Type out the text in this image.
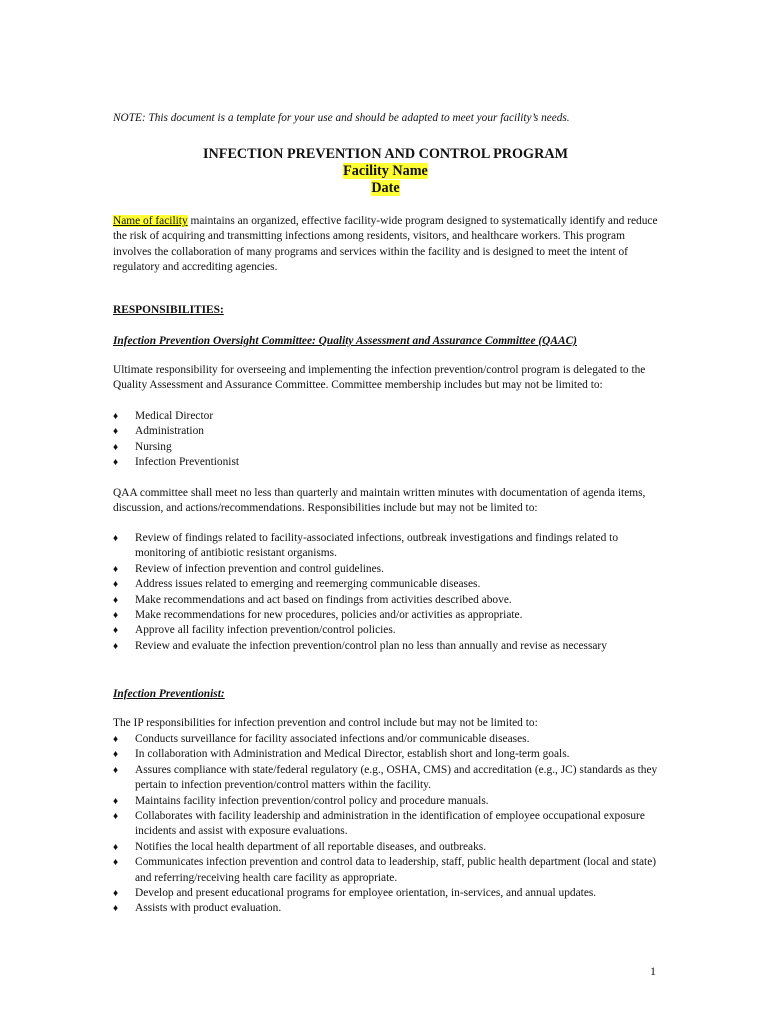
NOTE: This document is a template for your use and should be adapted to meet your facility’s needs.
INFECTION PREVENTION AND CONTROL PROGRAM
Facility Name
Date

Name of facility maintains an organized, effective facility-wide program designed to systematically identify and reduce the risk of acquiring and transmitting infections among residents, visitors, and healthcare workers. This program involves the collaboration of many programs and services within the facility and is designed to meet the intent of regulatory and accrediting agencies.

RESPONSIBILITIES:
Infection Prevention Oversight Committee: Quality Assessment and Assurance Committee (QAAC)

Ultimate responsibility for overseeing and implementing the infection prevention/control program is delegated to the Quality Assessment and Assurance Committee. Committee membership includes but may not be limited to:

♦ Medical Director
♦ Administration
♦ Nursing
♦ Infection Preventionist

QAA committee shall meet no less than quarterly and maintain written minutes with documentation of agenda items, discussion, and actions/recommendations. Responsibilities include but may not be limited to:

♦ Review of findings related to facility-associated infections, outbreak investigations and findings related to monitoring of antibiotic resistant organisms.
♦ Review of infection prevention and control guidelines.
♦ Address issues related to emerging and reemerging communicable diseases.
♦ Make recommendations and act based on findings from activities described above.
♦ Make recommendations for new procedures, policies and/or activities as appropriate.
♦ Approve all facility infection prevention/control policies.
♦ Review and evaluate the infection prevention/control plan no less than annually and revise as necessary
Infection Preventionist:

The IP responsibilities for infection prevention and control include but may not be limited to:

♦ Conducts surveillance for facility associated infections and/or communicable diseases.
♦ In collaboration with Administration and Medical Director, establish short and long-term goals.
♦ Assures compliance with state/federal regulatory (e.g., OSHA, CMS) and accreditation (e.g., JC) standards as they pertain to infection prevention/control matters within the facility.
♦ Maintains facility infection prevention/control policy and procedure manuals.
♦ Collaborates with facility leadership and administration in the identification of employee occupational exposure incidents and assist with exposure evaluations.
♦ Notifies the local health department of all reportable diseases, and outbreaks.
♦ Communicates infection prevention and control data to leadership, staff, public health department (local and state) and referring/receiving health care facility as appropriate.
♦ Develop and present educational programs for employee orientation, in-services, and annual updates.
♦ Assists with product evaluation.
1
